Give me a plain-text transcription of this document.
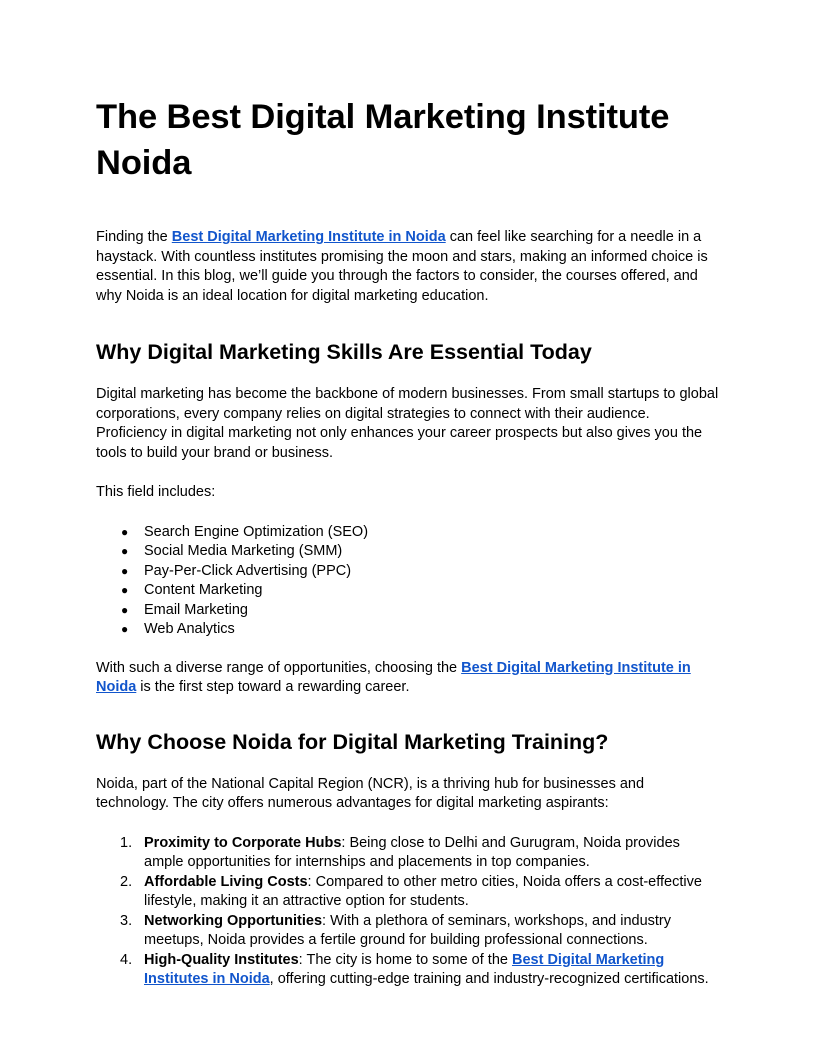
The Best Digital Marketing Institute Noida

Finding the Best Digital Marketing Institute in Noida can feel like searching for a needle in a haystack. With countless institutes promising the moon and stars, making an informed choice is essential. In this blog, we’ll guide you through the factors to consider, the courses offered, and why Noida is an ideal location for digital marketing education.

Why Digital Marketing Skills Are Essential Today

Digital marketing has become the backbone of modern businesses. From small startups to global corporations, every company relies on digital strategies to connect with their audience. Proficiency in digital marketing not only enhances your career prospects but also gives you the tools to build your brand or business.

This field includes:

● Search Engine Optimization (SEO)
● Social Media Marketing (SMM)
● Pay-Per-Click Advertising (PPC)
● Content Marketing
● Email Marketing
● Web Analytics

With such a diverse range of opportunities, choosing the Best Digital Marketing Institute in Noida is the first step toward a rewarding career.

Why Choose Noida for Digital Marketing Training?

Noida, part of the National Capital Region (NCR), is a thriving hub for businesses and technology. The city offers numerous advantages for digital marketing aspirants:

1. Proximity to Corporate Hubs: Being close to Delhi and Gurugram, Noida provides ample opportunities for internships and placements in top companies.
2. Affordable Living Costs: Compared to other metro cities, Noida offers a cost-effective lifestyle, making it an attractive option for students.
3. Networking Opportunities: With a plethora of seminars, workshops, and industry meetups, Noida provides a fertile ground for building professional connections.
4. High-Quality Institutes: The city is home to some of the Best Digital Marketing Institutes in Noida, offering cutting-edge training and industry-recognized certifications.
